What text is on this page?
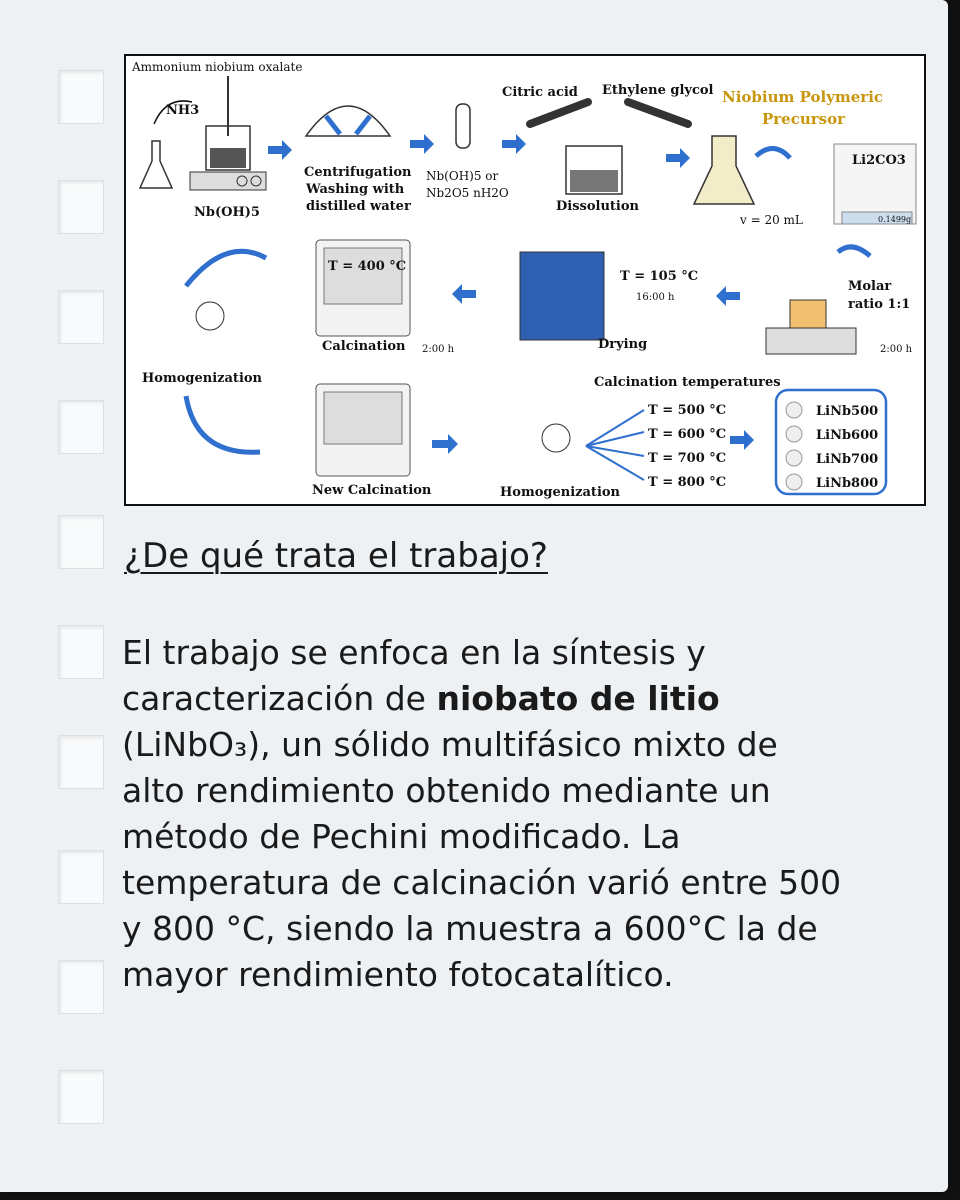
Ammonium niobium oxalate
NH3
Nb(OH)5
Centrifugation
Washing with
distilled water
Nb(OH)5 or
Nb2O5 nH2O
Citric acid Ethylene glycol
Dissolution
Niobium Polymeric
Precursor
v = 20 mL
Li2CO3
0.1499g
T = 400 °C
Calcination 2:00 h
T = 105 °C
16:00 h
Drying
Molar
ratio 1:1
2:00 h
Homogenization
New Calcination	Homogenization
Calcination temperatures
T = 500 °C
T = 600 °C
T = 700 °C
T = 800 °C
LiNb500
LiNb600
LiNb700
LiNb800
¿De qué trata el trabajo?
El trabajo se enfoca en la síntesis y caracterización de niobato de litio (LiNbO₃), un sólido multifásico mixto de alto rendimiento obtenido mediante un método de Pechini modificado. La temperatura de calcinación varió entre 500 y 800 °C, siendo la muestra a 600°C la de mayor rendimiento fotocatalítico.
